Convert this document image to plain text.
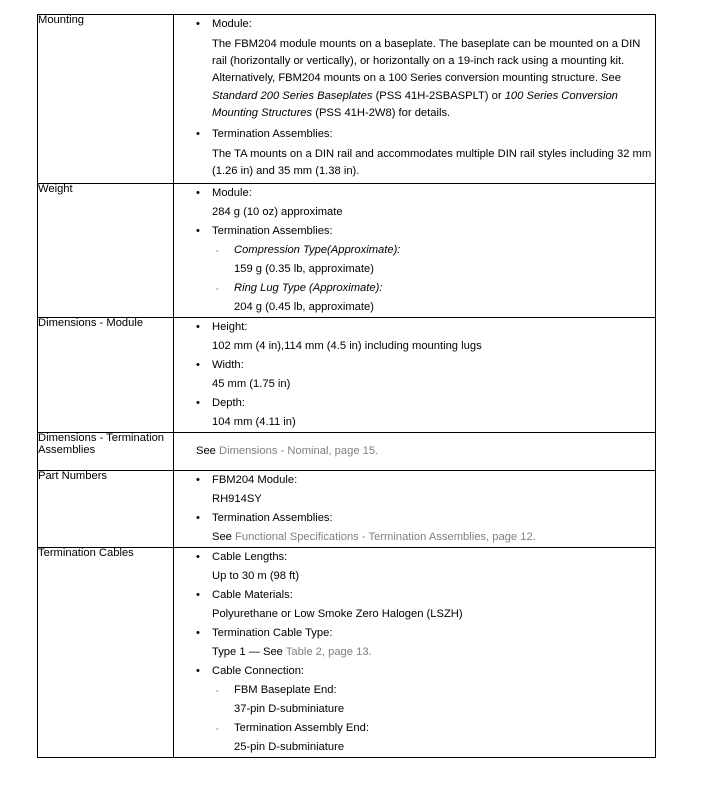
Mounting	•	Module:
The FBM204 module mounts on a baseplate. The baseplate can be mounted on a DIN rail (horizontally or vertically), or horizontally on a 19-inch rack using a mounting kit. Alternatively, FBM204 mounts on a 100 Series conversion mounting structure. See Standard 200 Series Baseplates (PSS 41H-2SBASPLT) or 100 Series Conversion Mounting Structures (PSS 41H-2W8) for details.
•	Termination Assemblies:
The TA mounts on a DIN rail and accommodates multiple DIN rail styles including 32 mm (1.26 in) and 35 mm (1.38 in).

Weight	•	Module:
284 g (10 oz) approximate
•	Termination Assemblies:
◦ Compression Type(Approximate):
159 g (0.35 lb, approximate)
◦ Ring Lug Type (Approximate):
204 g (0.45 lb, approximate)

Dimensions - Module	•	Height:
102 mm (4 in),114 mm (4.5 in) including mounting lugs
•	Width:
45 mm (1.75 in)
•	Depth:
104 mm (4.11 in)

Dimensions - Termination Assemblies	See Dimensions - Nominal, page 15.

Part Numbers	•	FBM204 Module:
RH914SY
•	Termination Assemblies:
See Functional Specifications - Termination Assemblies, page 12.

Termination Cables	•	Cable Lengths:
Up to 30 m (98 ft)
•	Cable Materials:
Polyurethane or Low Smoke Zero Halogen (LSZH)
•	Termination Cable Type:
Type 1 — See Table 2, page 13.
•	Cable Connection:
◦ FBM Baseplate End:
37-pin D-subminiature
◦ Termination Assembly End:
25-pin D-subminiature
